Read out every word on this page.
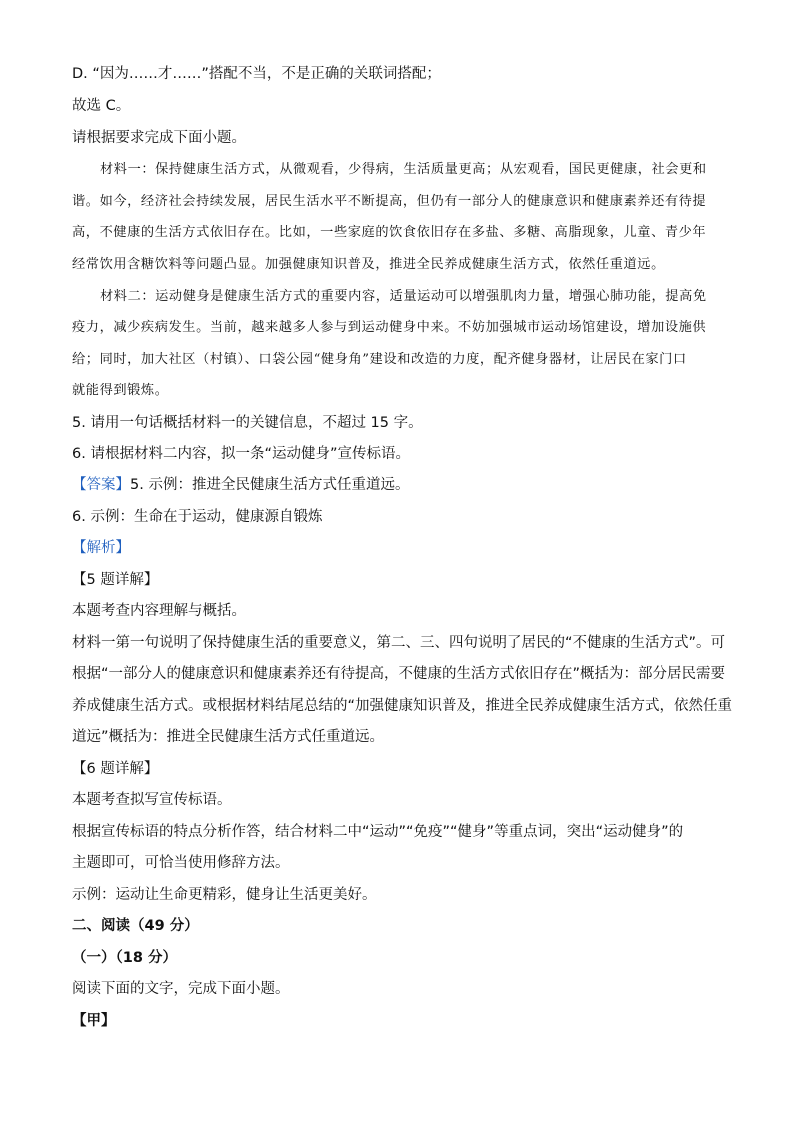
D. “因为……才……”搭配不当，不是正确的关联词搭配；
故选 C。
请根据要求完成下面小题。
材料一：保持健康生活方式，从微观看，少得病，生活质量更高；从宏观看，国民更健康，社会更和
谐。如今，经济社会持续发展，居民生活水平不断提高，但仍有一部分人的健康意识和健康素养还有待提
高，不健康的生活方式依旧存在。比如，一些家庭的饮食依旧存在多盐、多糖、高脂现象，儿童、青少年
经常饮用含糖饮料等问题凸显。加强健康知识普及，推进全民养成健康生活方式，依然任重道远。
材料二：运动健身是健康生活方式的重要内容，适量运动可以增强肌肉力量，增强心肺功能，提高免
疫力，减少疾病发生。当前，越来越多人参与到运动健身中来。不妨加强城市运动场馆建设，增加设施供
给；同时，加大社区（村镇）、口袋公园“健身角”建设和改造的力度，配齐健身器材，让居民在家门口
就能得到锻炼。
5. 请用一句话概括材料一的关键信息，不超过 15 字。
6. 请根据材料二内容，拟一条“运动健身”宣传标语。
【答案】5. 示例：推进全民健康生活方式任重道远。
6. 示例：生命在于运动，健康源自锻炼
【解析】
【5 题详解】
本题考查内容理解与概括。
材料一第一句说明了保持健康生活的重要意义，第二、三、四句说明了居民的“不健康的生活方式”。可
根据“一部分人的健康意识和健康素养还有待提高，不健康的生活方式依旧存在”概括为：部分居民需要
养成健康生活方式。或根据材料结尾总结的“加强健康知识普及，推进全民养成健康生活方式，依然任重
道远”概括为：推进全民健康生活方式任重道远。
【6 题详解】
本题考查拟写宣传标语。
根据宣传标语的特点分析作答，结合材料二中“运动”“免疫”“健身”等重点词，突出“运动健身”的
主题即可，可恰当使用修辞方法。
示例：运动让生命更精彩，健身让生活更美好。
二、阅读（49 分）
（一）（18 分）
阅读下面的文字，完成下面小题。
【甲】
